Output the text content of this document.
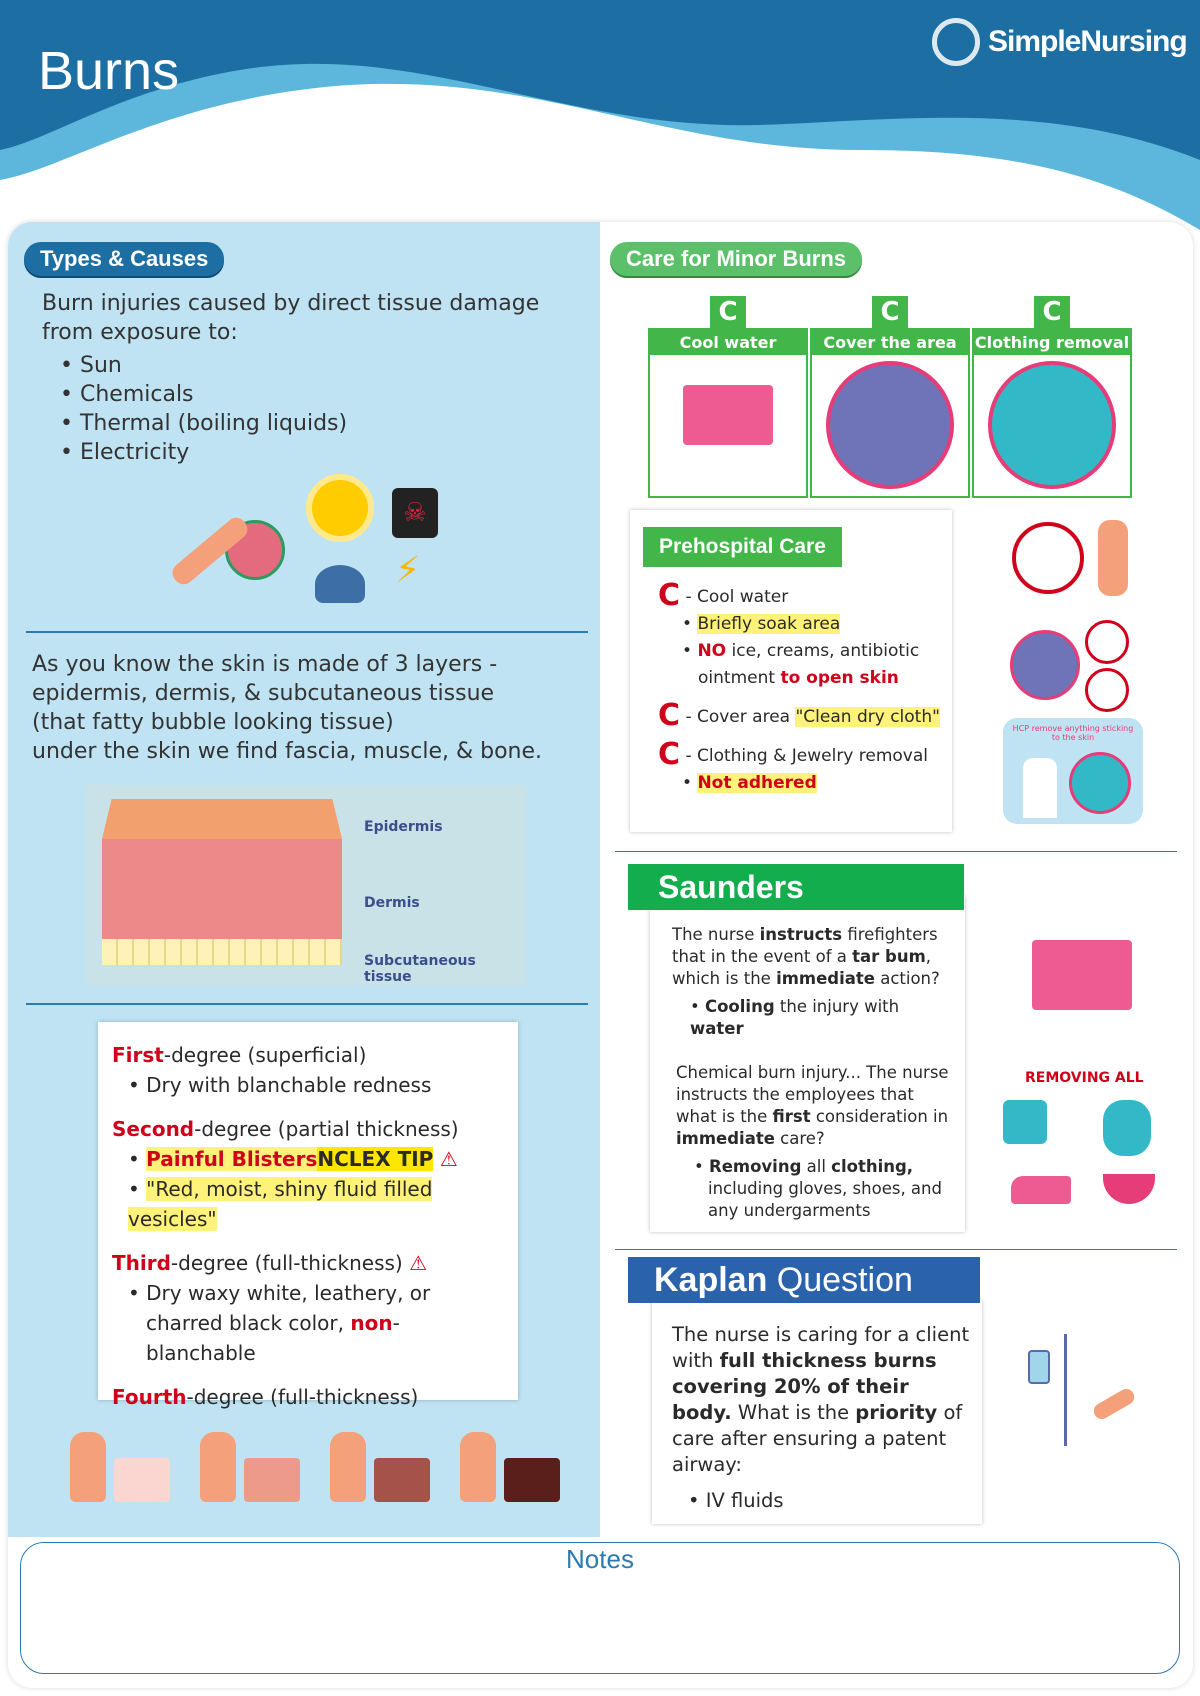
Burns	SimpleNursing
Types & Causes
Burn injuries caused by direct tissue damage from exposure to:
• Sun
• Chemicals
• Thermal (boiling liquids)
• Electricity
☠
⚡
As you know the skin is made of 3 layers -
epidermis, dermis, & subcutaneous tissue
(that fatty bubble looking tissue)
under the skin we find fascia, muscle, & bone.
Epidermis
Dermis
Subcutaneous tissue
First-degree (superficial)
• Dry with blanchable redness
Second-degree (partial thickness)
• Painful BlistersNCLEX TIP ⚠
• "Red, moist, shiny fluid filled vesicles"
Third-degree (full-thickness) ⚠
• Dry waxy white, leathery, or charred black color, non-blanchable
Fourth-degree (full-thickness)
Care for Minor Burns
C
Cool water
C
Cover the area
C
Clothing removal
Prehospital Care
C - Cool water
• Briefly soak area
• NO ice, creams, antibiotic ointment to open skin
C - Cover area "Clean dry cloth"
C - Clothing & Jewelry removal
• Not adhered
HCP remove anything sticking to the skin
Saunders
The nurse instructs firefighters that in the event of a tar bum, which is the immediate action?
• Cooling the injury with water
Chemical burn injury... The nurse instructs the employees that what is the first consideration in immediate care?
• Removing all clothing, including gloves, shoes, and any undergarments
REMOVING ALL
Kaplan Question
The nurse is caring for a client with full thickness burns covering 20% of their body. What is the priority of care after ensuring a patent airway:
• IV fluids
Notes
